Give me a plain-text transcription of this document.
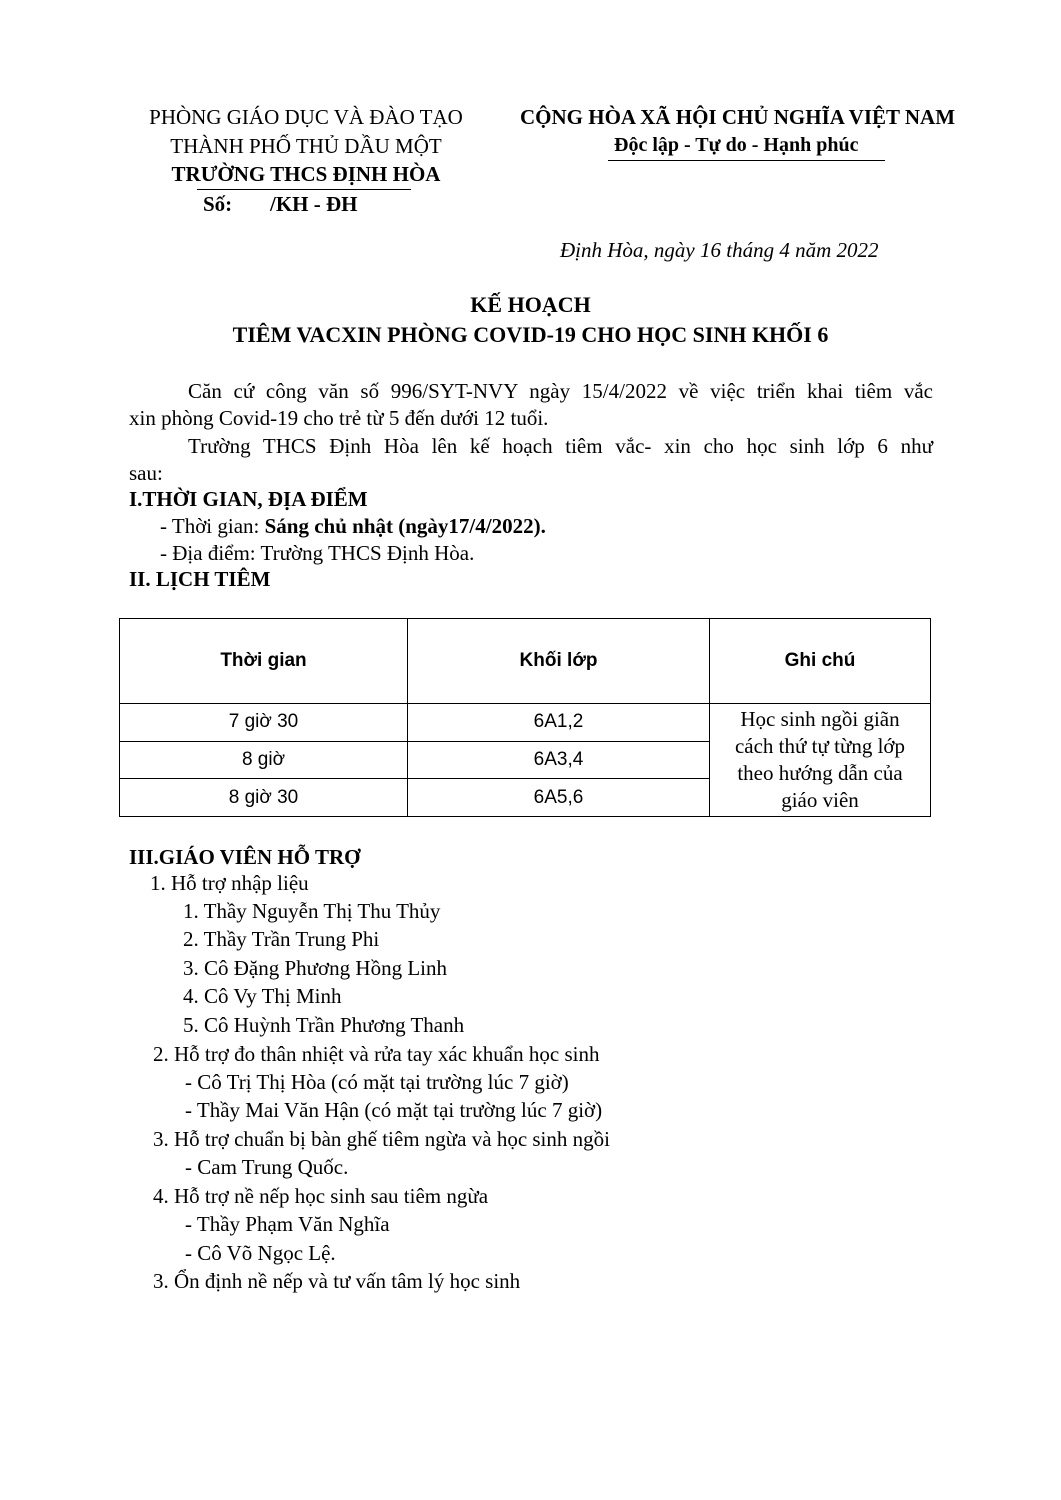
PHÒNG GIÁO DỤC VÀ ĐÀO TẠO
THÀNH PHỐ THỦ DẦU MỘT
TRƯỜNG THCS ĐỊNH HÒA
Số: /KH - ĐH
CỘNG HÒA XÃ HỘI CHỦ NGHĨA VIỆT NAM
Độc lập - Tự do - Hạnh phúc
Định Hòa, ngày 16 tháng 4 năm 2022
KẾ HOẠCH
TIÊM VACXIN PHÒNG COVID-19 CHO HỌC SINH KHỐI 6
Căn cứ công văn số 996/SYT-NVY ngày 15/4/2022 về việc triển khai tiêm vắc
xin phòng Covid-19 cho trẻ từ 5 đến dưới 12 tuổi.
Trường THCS Định Hòa lên kế hoạch tiêm vắc- xin cho học sinh lớp 6 như
sau:
I.THỜI GIAN, ĐỊA ĐIỂM
- Thời gian: Sáng chủ nhật (ngày17/4/2022).
- Địa điểm: Trường THCS Định Hòa.
II. LỊCH TIÊM
Thời gian	Khối lớp	Ghi chú
7 giờ 30	6A1,2	Học sinh ngồi giãn cách thứ tự từng lớp theo hướng dẫn của giáo viên
8 giờ	6A3,4	
8 giờ 30	6A5,6	
III.GIÁO VIÊN HỖ TRỢ
1. Hỗ trợ nhập liệu
1. Thầy Nguyễn Thị Thu Thủy
2. Thầy Trần Trung Phi
3. Cô Đặng Phương Hồng Linh
4. Cô Vy Thị Minh
5. Cô Huỳnh Trần Phương Thanh
2. Hỗ trợ đo thân nhiệt và rửa tay xác khuẩn học sinh
- Cô Trị Thị Hòa (có mặt tại trường lúc 7 giờ)
- Thầy Mai Văn Hận (có mặt tại trường lúc 7 giờ)
3. Hỗ trợ chuẩn bị bàn ghế tiêm ngừa và học sinh ngồi
- Cam Trung Quốc.
4. Hỗ trợ nề nếp học sinh sau tiêm ngừa
- Thầy Phạm Văn Nghĩa
- Cô Võ Ngọc Lệ.
3. Ổn định nề nếp và tư vấn tâm lý học sinh
